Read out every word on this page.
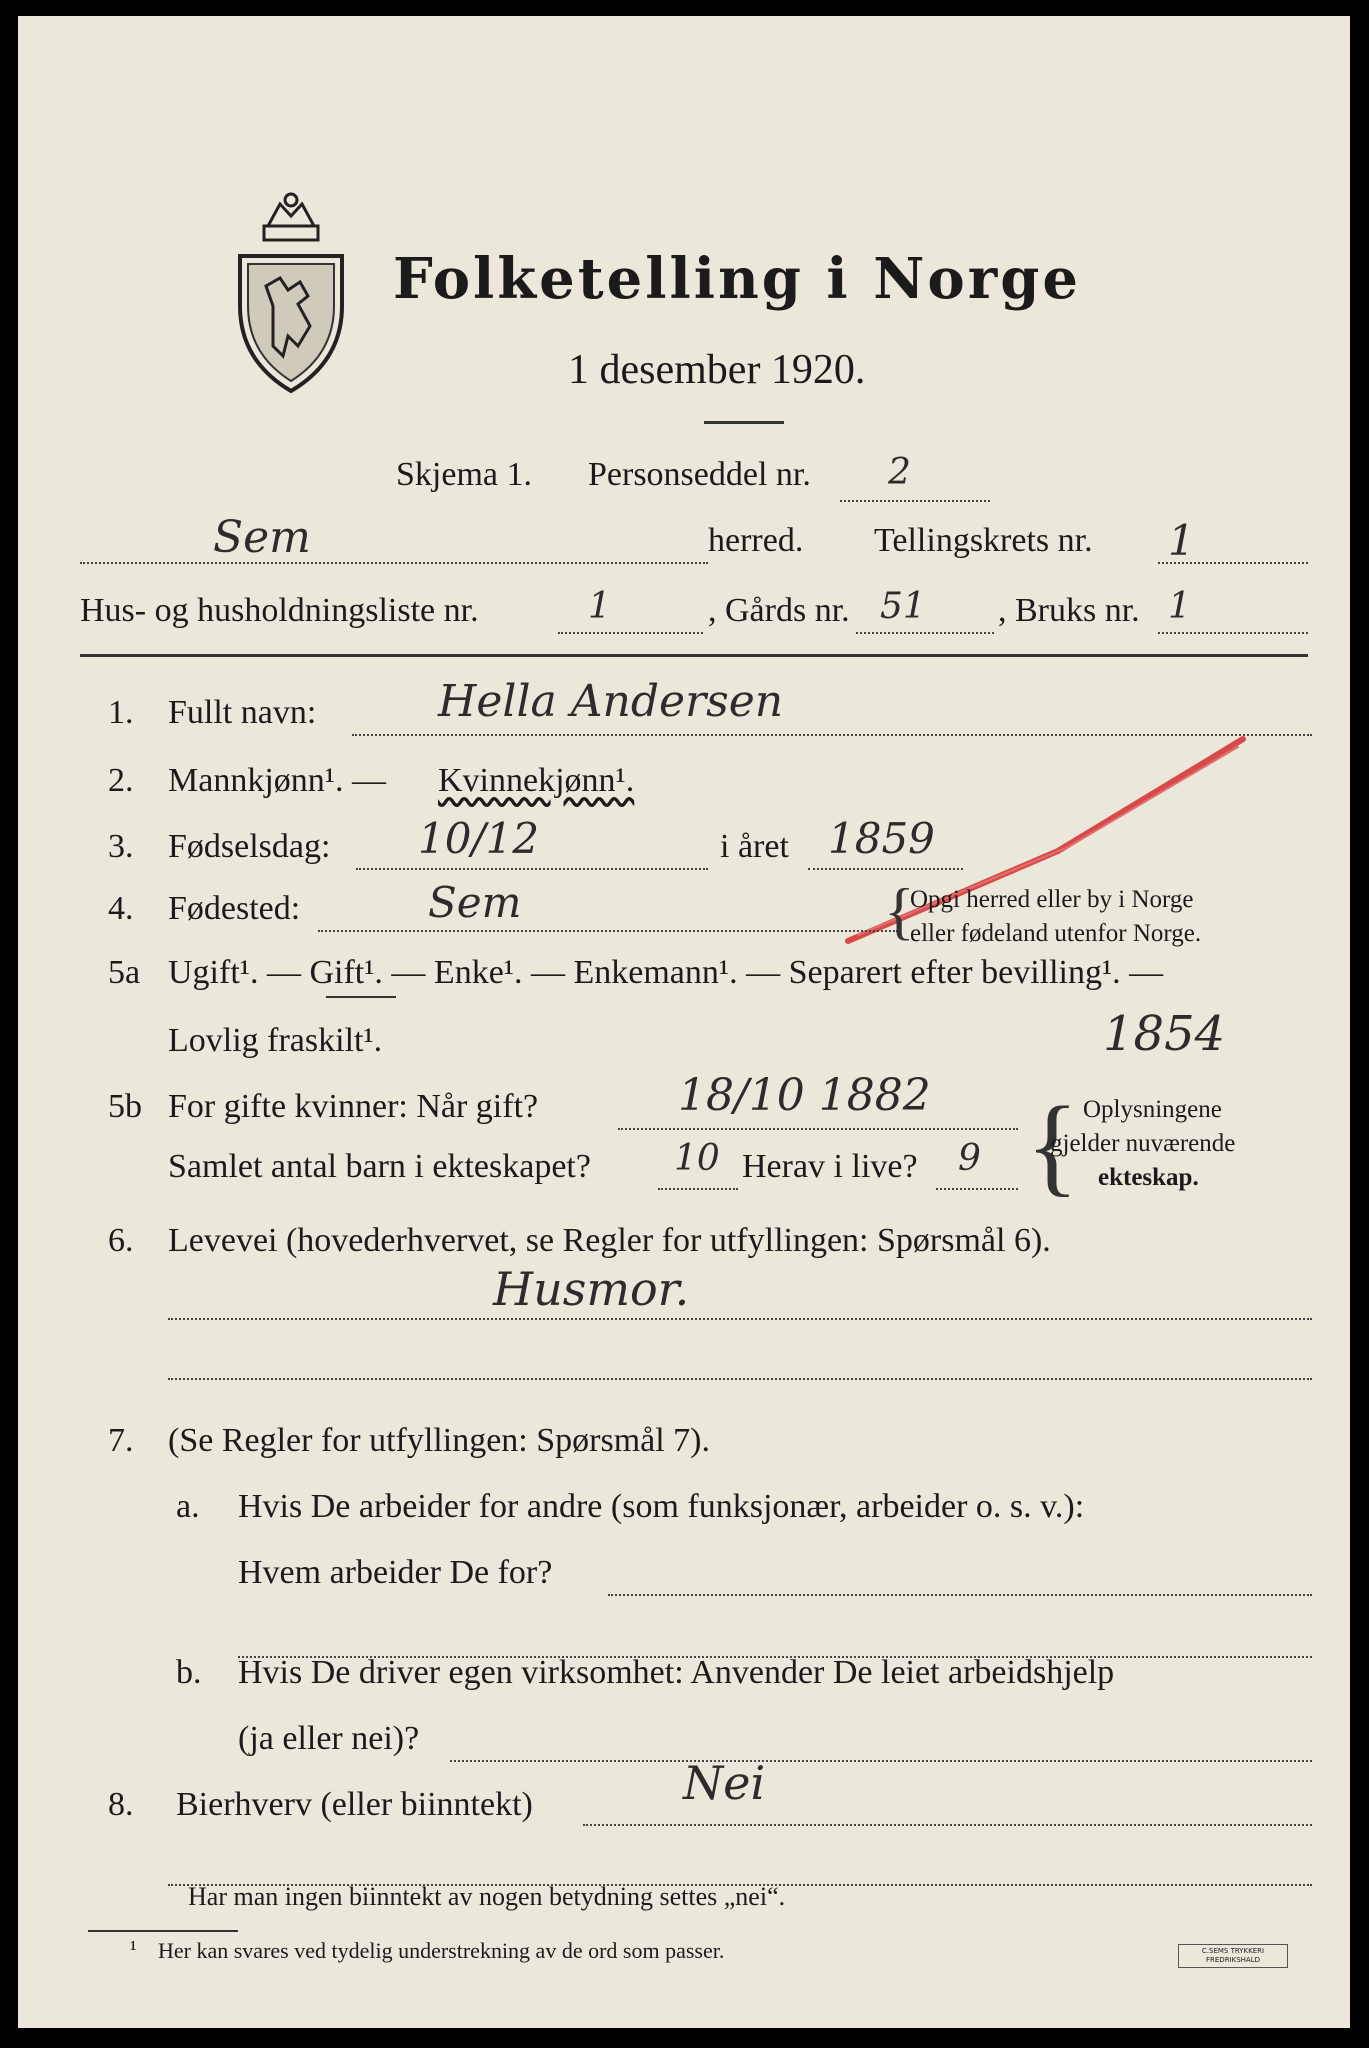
Folketelling i Norge
1 desember 1920.
Skjema 1. Personseddel nr. 2
Sem	herred. Tellingskrets nr. 1
Hus- og husholdningsliste nr.	1	, Gårds nr. 51 , Bruks nr. 1
1. Fullt navn:	Hella Andersen
2. Mannkjønn¹. — Kvinnekjønn¹.
3. Fødselsdag: 10/12	i året 1859
4. Fødested:	Sem	{
Opgi herred eller by i Norge
eller fødeland utenfor Norge.
5a Ugift¹. — Gift¹. — Enke¹. — Enkemann¹. — Separert efter bevilling¹. —
Lovlig fraskilt¹.	1854
5b For gifte kvinner: Når gift?	18/10 1882
Samlet antal barn i ekteskapet? 10 Herav i live? 9 { Oplysningene
gjelder nuværende
ekteskap.
6. Levevei (hovederhvervet, se Regler for utfyllingen: Spørsmål 6).
Husmor.
7. (Se Regler for utfyllingen: Spørsmål 7).
a. Hvis De arbeider for andre (som funksjonær, arbeider o. s. v.):
Hvem arbeider De for?
b. Hvis De driver egen virksomhet: Anvender De leiet arbeidshjelp
(ja eller nei)?
8. Bierhverv (eller biinntekt)	Nei
Har man ingen biinntekt av nogen betydning settes „nei“.
¹ Her kan svares ved tydelig understrekning av de ord som passer.	C.SEMS TRYKKERI FREDRIKSHALD
